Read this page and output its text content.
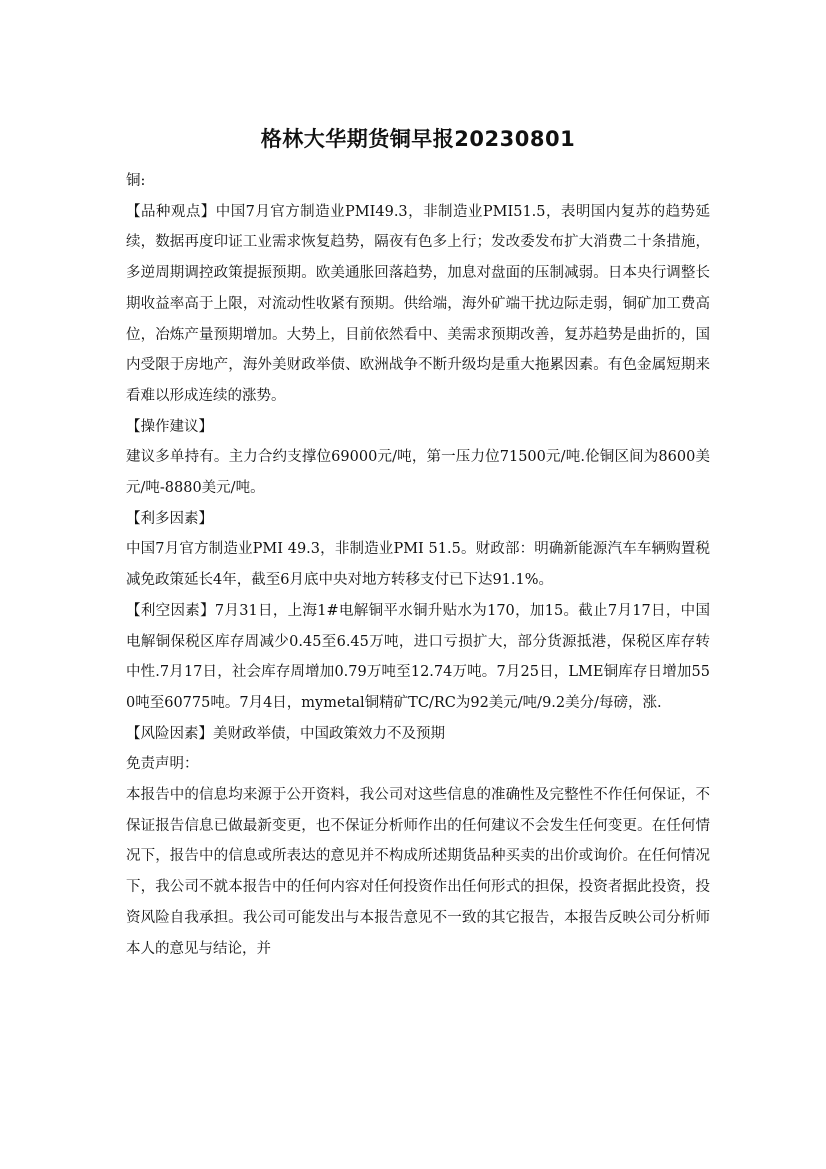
格林大华期货铜早报20230801

铜:

【品种观点】中国7月官方制造业PMI49.3，非制造业PMI51.5，表明国内复苏的趋势延续，数据再度印证工业需求恢复趋势，隔夜有色多上行；发改委发布扩大消费二十条措施，多逆周期调控政策提振预期。欧美通胀回落趋势，加息对盘面的压制减弱。日本央行调整长期收益率高于上限，对流动性收紧有预期。供给端，海外矿端干扰边际走弱，铜矿加工费高位，冶炼产量预期增加。大势上，目前依然看中、美需求预期改善，复苏趋势是曲折的，国内受限于房地产，海外美财政举债、欧洲战争不断升级均是重大拖累因素。有色金属短期来看难以形成连续的涨势。

【操作建议】

建议多单持有。主力合约支撑位69000元/吨，第一压力位71500元/吨.伦铜区间为8600美元/吨-8880美元/吨。

【利多因素】

中国7月官方制造业PMI 49.3，非制造业PMI 51.5。财政部：明确新能源汽车车辆购置税减免政策延长4年，截至6月底中央对地方转移支付已下达91.1%。

【利空因素】7月31日，上海1#电解铜平水铜升贴水为170，加15。截止7月17日，中国电解铜保税区库存周减少0.45至6.45万吨，进口亏损扩大，部分货源抵港，保税区库存转中性.7月17日，社会库存周增加0.79万吨至12.74万吨。7月25日，LME铜库存日增加550吨至60775吨。7月4日，mymetal铜精矿TC/RC为92美元/吨/9.2美分/每磅，涨.

【风险因素】美财政举债，中国政策效力不及预期

免责声明：

本报告中的信息均来源于公开资料，我公司对这些信息的准确性及完整性不作任何保证，不保证报告信息已做最新变更，也不保证分析师作出的任何建议不会发生任何变更。在任何情况下，报告中的信息或所表达的意见并不构成所述期货品种买卖的出价或询价。在任何情况下，我公司不就本报告中的任何内容对任何投资作出任何形式的担保，投资者据此投资，投资风险自我承担。我公司可能发出与本报告意见不一致的其它报告，本报告反映公司分析师本人的意见与结论，并
